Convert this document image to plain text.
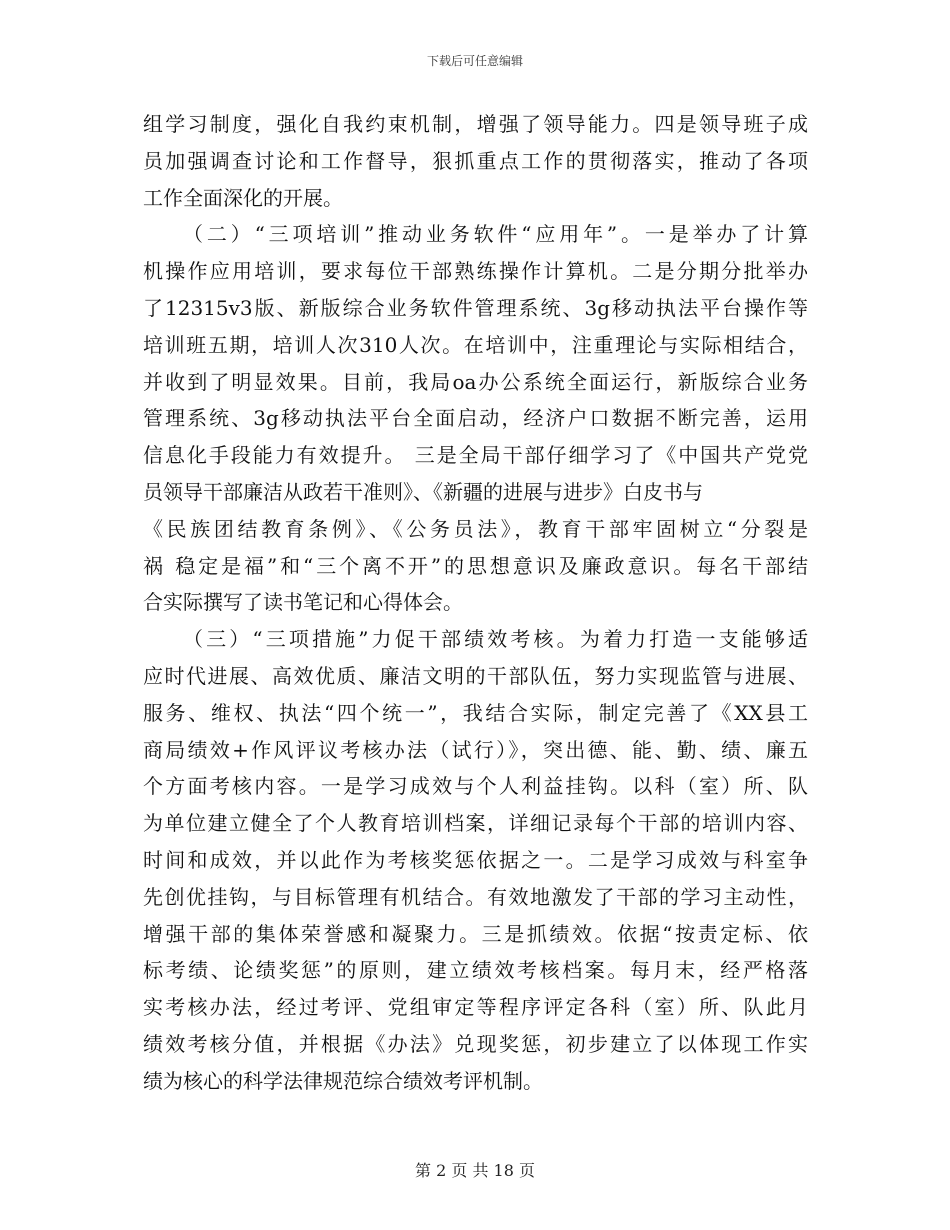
下载后可任意编辑

组学习制度，强化自我约束机制，增强了领导能力。四是领导班子成
员加强调查讨论和工作督导，狠抓重点工作的贯彻落实，推动了各项
工作全面深化的开展。

（二）“三项培训”推动业务软件“应用年”。一是举办了计算
机操作应用培训，要求每位干部熟练操作计算机。二是分期分批举办
了12315v3版、新版综合业务软件管理系统、3g移动执法平台操作等
培训班五期，培训人次310人次。在培训中，注重理论与实际相结合，
并收到了明显效果。目前，我局oa办公系统全面运行，新版综合业务
管理系统、3g移动执法平台全面启动，经济户口数据不断完善，运用
信息化手段能力有效提升。 三是全局干部仔细学习了《中国共产党党
员领导干部廉洁从政若干准则》、《新疆的进展与进步》白皮书与
《民族团结教育条例》、《公务员法》，教育干部牢固树立“分裂是
祸 稳定是福”和“三个离不开”的思想意识及廉政意识。每名干部结
合实际撰写了读书笔记和心得体会。

（三）“三项措施”力促干部绩效考核。为着力打造一支能够适
应时代进展、高效优质、廉洁文明的干部队伍，努力实现监管与进展、
服务、维权、执法“四个统一”，我结合实际，制定完善了《XX县工
商局绩效+作风评议考核办法（试行）》，突出德、能、勤、绩、廉五
个方面考核内容。一是学习成效与个人利益挂钩。以科（室）所、队
为单位建立健全了个人教育培训档案，详细记录每个干部的培训内容、
时间和成效，并以此作为考核奖惩依据之一。二是学习成效与科室争
先创优挂钩，与目标管理有机结合。有效地激发了干部的学习主动性，
增强干部的集体荣誉感和凝聚力。三是抓绩效。依据“按责定标、依
标考绩、论绩奖惩”的原则，建立绩效考核档案。每月末，经严格落
实考核办法，经过考评、党组审定等程序评定各科（室）所、队此月
绩效考核分值，并根据《办法》兑现奖惩，初步建立了以体现工作实
绩为核心的科学法律规范综合绩效考评机制。

第 2 页 共 18 页
